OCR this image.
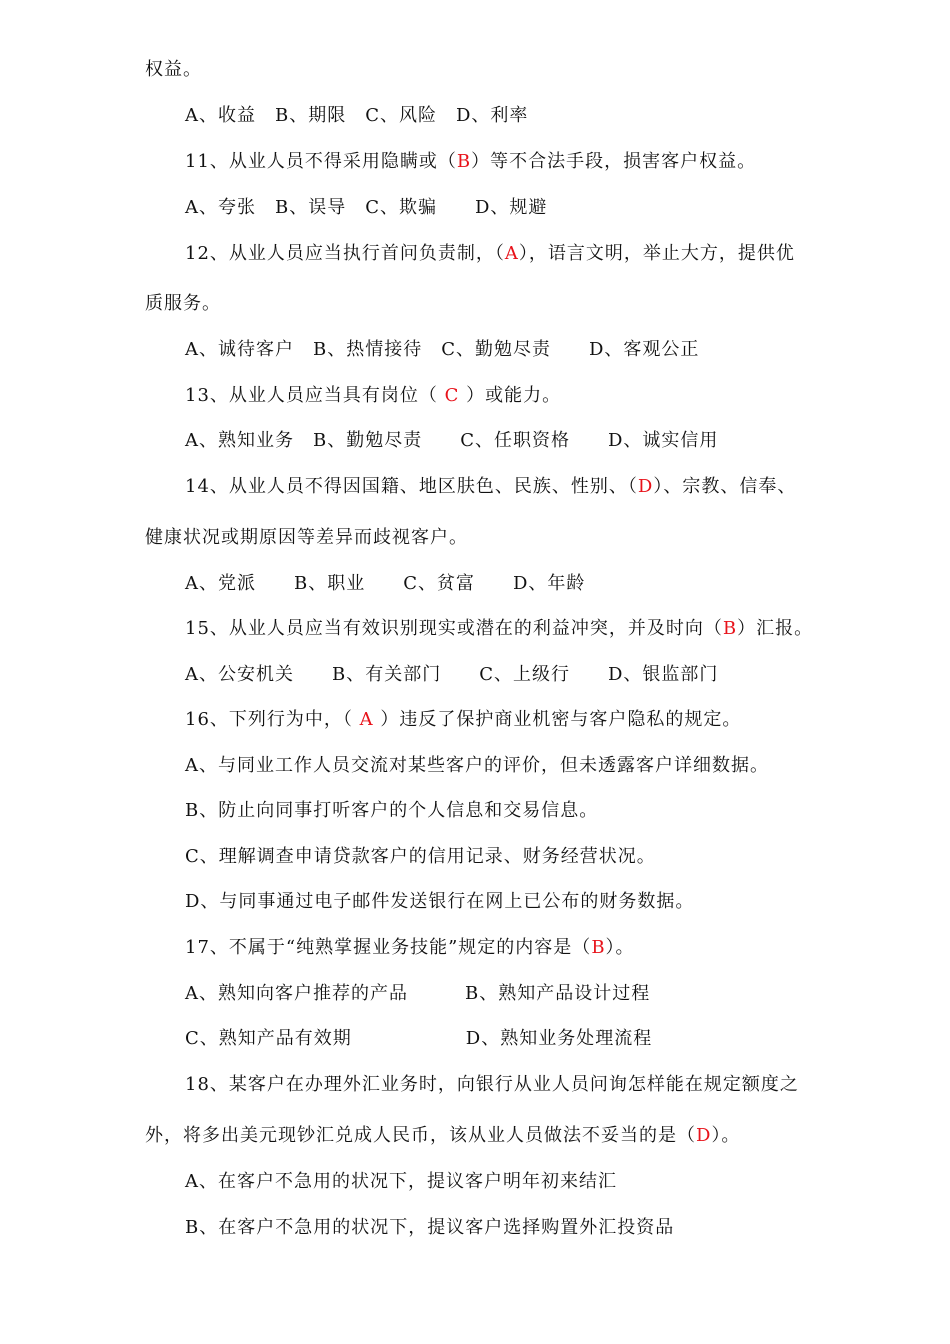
权益。
A、收益　B、期限　C、风险　D、利率
11、从业人员不得采用隐瞒或（B）等不合法手段，损害客户权益。
A、夸张　B、误导　C、欺骗　　D、规避
12、从业人员应当执行首问负责制，（A），语言文明，举止大方，提供优
质服务。
A、诚待客户　B、热情接待　C、勤勉尽责　　D、客观公正
13、从业人员应当具有岗位（ C ）或能力。
A、熟知业务　B、勤勉尽责　　C、任职资格　　D、诚实信用
14、从业人员不得因国籍、地区肤色、民族、性别、（D）、宗教、信奉、
健康状况或期原因等差异而歧视客户。
A、党派　　B、职业　　C、贫富　　D、年龄
15、从业人员应当有效识别现实或潜在的利益冲突，并及时向（B）汇报。
A、公安机关　　B、有关部门　　C、上级行　　D、银监部门
16、下列行为中，（ A ）违反了保护商业机密与客户隐私的规定。
A、与同业工作人员交流对某些客户的评价，但未透露客户详细数据。
B、防止向同事打听客户的个人信息和交易信息。
C、理解调查申请贷款客户的信用记录、财务经营状况。
D、与同事通过电子邮件发送银行在网上已公布的财务数据。
17、不属于“纯熟掌握业务技能”规定的内容是（B）。
A、熟知向客户推荐的产品　　　B、熟知产品设计过程
C、熟知产品有效期　　　　　　D、熟知业务处理流程
18、某客户在办理外汇业务时，向银行从业人员问询怎样能在规定额度之
外，将多出美元现钞汇兑成人民币，该从业人员做法不妥当的是（D）。
A、在客户不急用的状况下，提议客户明年初来结汇
B、在客户不急用的状况下，提议客户选择购置外汇投资品
